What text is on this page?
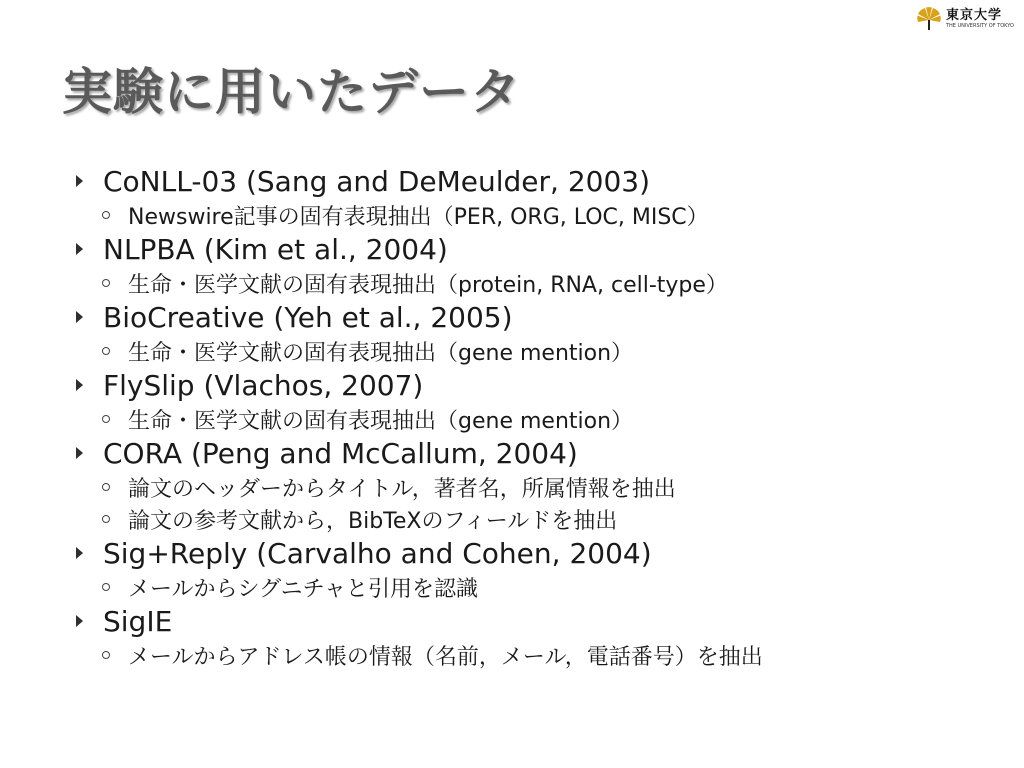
東京大学
THE UNIVERSITY OF TOKYO
実験に用いたデータ
CoNLL-03 (Sang and DeMeulder, 2003)
Newswire記事の固有表現抽出（PER, ORG, LOC, MISC）
NLPBA (Kim et al., 2004)
生命・医学文献の固有表現抽出（protein, RNA, cell-type）
BioCreative (Yeh et al., 2005)
生命・医学文献の固有表現抽出（gene mention）
FlySlip (Vlachos, 2007)
生命・医学文献の固有表現抽出（gene mention）
CORA (Peng and McCallum, 2004)
論文のヘッダーからタイトル，著者名，所属情報を抽出
論文の参考文献から，BibTeXのフィールドを抽出
Sig+Reply (Carvalho and Cohen, 2004)
メールからシグニチャと引用を認識
SigIE
メールからアドレス帳の情報（名前，メール，電話番号）を抽出
